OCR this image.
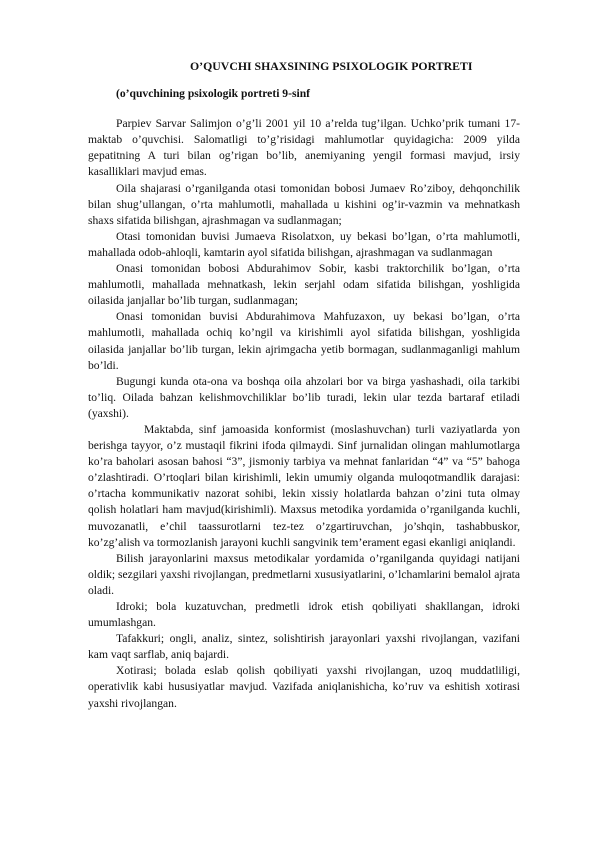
O’QUVCHI SHAXSINING PSIXOLOGIK PORTRETI
(o’quvchining psixologik portreti 9-sinf

Parpiev Sarvar Salimjon o’g’li 2001 yil 10 a’relda tug’ilgan. Uchko’prik tumani 17-maktab o’quvchisi. Salomatligi to’g’risidagi mahlumotlar quyidagicha: 2009 yilda gepatitning A turi bilan og’rigan bo’lib, anemiyaning yengil formasi mavjud, irsiy kasalliklari mavjud emas.

Oila shajarasi o’rganilganda otasi tomonidan bobosi Jumaev Ro’ziboy, dehqonchilik bilan shug’ullangan, o’rta mahlumotli, mahallada u kishini og’ir-vazmin va mehnatkash shaxs sifatida bilishgan, ajrashmagan va sudlanmagan;

Otasi tomonidan buvisi Jumaeva Risolatxon, uy bekasi bo’lgan, o’rta mahlumotli, mahallada odob-ahloqli, kamtarin ayol sifatida bilishgan, ajrashmagan va sudlanmagan

Onasi tomonidan bobosi Abdurahimov Sobir, kasbi traktorchilik bo’lgan, o’rta mahlumotli, mahallada mehnatkash, lekin serjahl odam sifatida bilishgan, yoshligida oilasida janjallar bo’lib turgan, sudlanmagan;

Onasi tomonidan buvisi Abdurahimova Mahfuzaxon, uy bekasi bo’lgan, o’rta mahlumotli, mahallada ochiq ko’ngil va kirishimli ayol sifatida bilishgan, yoshligida oilasida janjallar bo’lib turgan, lekin ajrimgacha yetib bormagan, sudlanmaganligi mahlum bo’ldi.

Bugungi kunda ota-ona va boshqa oila ahzolari bor va birga yashashadi, oila tarkibi to’liq. Oilada bahzan kelishmovchiliklar bo’lib turadi, lekin ular tezda bartaraf etiladi (yaxshi).

Maktabda, sinf jamoasida konformist (moslashuvchan) turli vaziyatlarda yon berishga tayyor, o’z mustaqil fikrini ifoda qilmaydi. Sinf jurnalidan olingan mahlumotlarga ko’ra baholari asosan bahosi “3”, jismoniy tarbiya va mehnat fanlaridan “4” va “5” bahoga o’zlashtiradi. O’rtoqlari bilan kirishimli, lekin umumiy olganda muloqotmandlik darajasi: o’rtacha kommunikativ nazorat sohibi, lekin xissiy holatlarda bahzan o’zini tuta olmay qolish holatlari ham mavjud(kirishimli). Maxsus metodika yordamida o’rganilganda kuchli, muvozanatli, e’chil taassurotlarni tez-tez o’zgartiruvchan, jo’shqin, tashabbuskor, ko’zg’alish va tormozlanish jarayoni kuchli sangvinik tem’erament egasi ekanligi aniqlandi.

Bilish jarayonlarini maxsus metodikalar yordamida o’rganilganda quyidagi natijani oldik; sezgilari yaxshi rivojlangan, predmetlarni xususiyatlarini, o’lchamlarini bemalol ajrata oladi.

Idroki; bola kuzatuvchan, predmetli idrok etish qobiliyati shakllangan, idroki umumlashgan.

Tafakkuri; ongli, analiz, sintez, solishtirish jarayonlari yaxshi rivojlangan, vazifani kam vaqt sarflab, aniq bajardi.

Xotirasi; bolada eslab qolish qobiliyati yaxshi rivojlangan, uzoq muddatliligi, operativlik kabi hususiyatlar mavjud. Vazifada aniqlanishicha, ko’ruv va eshitish xotirasi yaxshi rivojlangan.
